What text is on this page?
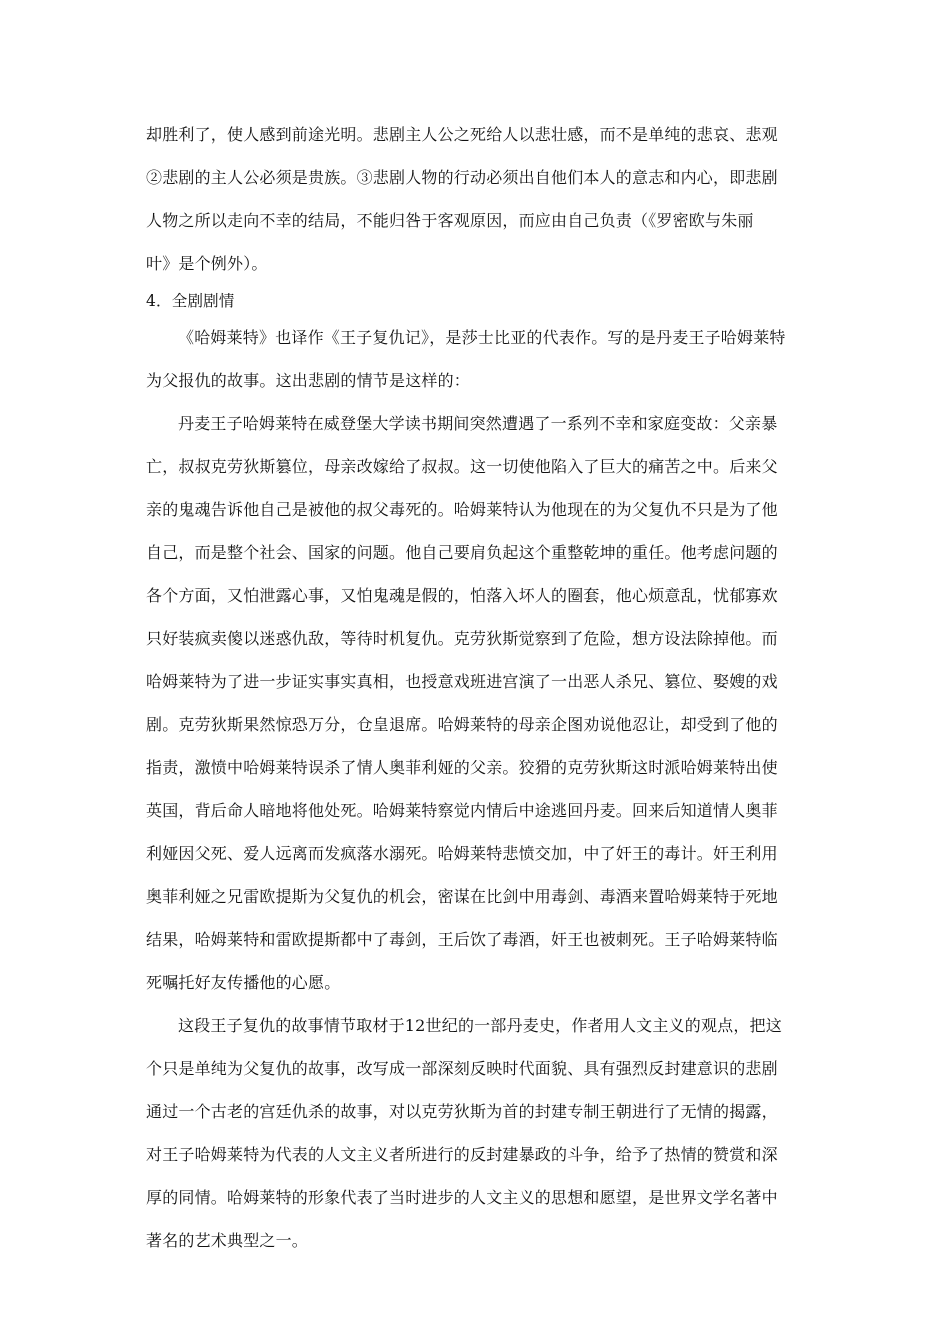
却胜利了，使人感到前途光明。悲剧主人公之死给人以悲壮感，而不是单纯的悲哀、悲观
②悲剧的主人公必须是贵族。③悲剧人物的行动必须出自他们本人的意志和内心，即悲剧
人物之所以走向不幸的结局，不能归咎于客观原因，而应由自己负责（《罗密欧与朱丽
叶》是个例外）。
4．全剧剧情
《哈姆莱特》也译作《王子复仇记》，是莎士比亚的代表作。写的是丹麦王子哈姆莱特
为父报仇的故事。这出悲剧的情节是这样的：
丹麦王子哈姆莱特在威登堡大学读书期间突然遭遇了一系列不幸和家庭变故：父亲暴
亡，叔叔克劳狄斯篡位，母亲改嫁给了叔叔。这一切使他陷入了巨大的痛苦之中。后来父
亲的鬼魂告诉他自己是被他的叔父毒死的。哈姆莱特认为他现在的为父复仇不只是为了他
自己，而是整个社会、国家的问题。他自己要肩负起这个重整乾坤的重任。他考虑问题的
各个方面，又怕泄露心事，又怕鬼魂是假的，怕落入坏人的圈套，他心烦意乱，忧郁寡欢
只好装疯卖傻以迷惑仇敌，等待时机复仇。克劳狄斯觉察到了危险，想方设法除掉他。而
哈姆莱特为了进一步证实事实真相，也授意戏班进宫演了一出恶人杀兄、篡位、娶嫂的戏
剧。克劳狄斯果然惊恐万分，仓皇退席。哈姆莱特的母亲企图劝说他忍让，却受到了他的
指责，激愤中哈姆莱特误杀了情人奥菲利娅的父亲。狡猾的克劳狄斯这时派哈姆莱特出使
英国，背后命人暗地将他处死。哈姆莱特察觉内情后中途逃回丹麦。回来后知道情人奥菲
利娅因父死、爱人远离而发疯落水溺死。哈姆莱特悲愤交加，中了奸王的毒计。奸王利用
奥菲利娅之兄雷欧提斯为父复仇的机会，密谋在比剑中用毒剑、毒酒来置哈姆莱特于死地
结果，哈姆莱特和雷欧提斯都中了毒剑，王后饮了毒酒，奸王也被刺死。王子哈姆莱特临
死嘱托好友传播他的心愿。
这段王子复仇的故事情节取材于12世纪的一部丹麦史，作者用人文主义的观点，把这
个只是单纯为父复仇的故事，改写成一部深刻反映时代面貌、具有强烈反封建意识的悲剧
通过一个古老的宫廷仇杀的故事，对以克劳狄斯为首的封建专制王朝进行了无情的揭露，
对王子哈姆莱特为代表的人文主义者所进行的反封建暴政的斗争，给予了热情的赞赏和深
厚的同情。哈姆莱特的形象代表了当时进步的人文主义的思想和愿望，是世界文学名著中
著名的艺术典型之一。
